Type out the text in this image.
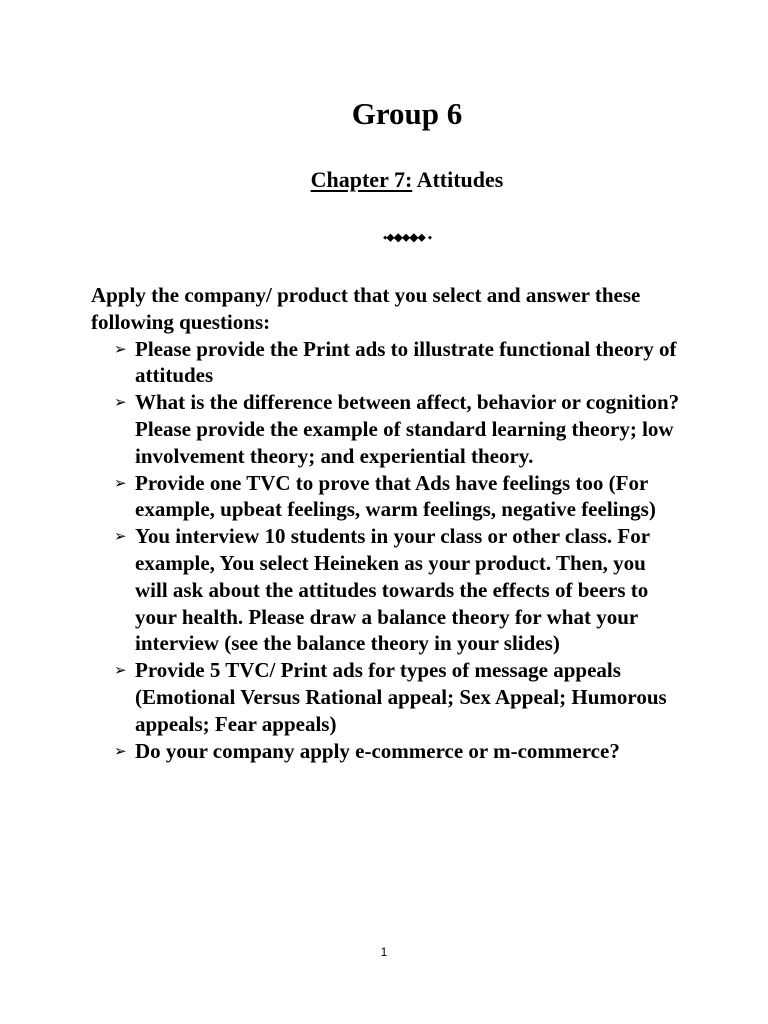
Group 6
Chapter 7: Attitudes
⬩⬥◆⬥◆⬥ ⬩

Apply the company/ product that you select and answer these following questions:

➢ Please provide the Print ads to illustrate functional theory of attitudes
➢ What is the difference between affect, behavior or cognition? Please provide the example of standard learning theory; low involvement theory; and experiential theory.
➢ Provide one TVC to prove that Ads have feelings too (For example, upbeat feelings, warm feelings, negative feelings)
➢ You interview 10 students in your class or other class. For example, You select Heineken as your product. Then, you will ask about the attitudes towards the effects of beers to your health. Please draw a balance theory for what your interview (see the balance theory in your slides)
➢ Provide 5 TVC/ Print ads for types of message appeals (Emotional Versus Rational appeal; Sex Appeal; Humorous appeals; Fear appeals)
➢ Do your company apply e-commerce or m-commerce?
1
